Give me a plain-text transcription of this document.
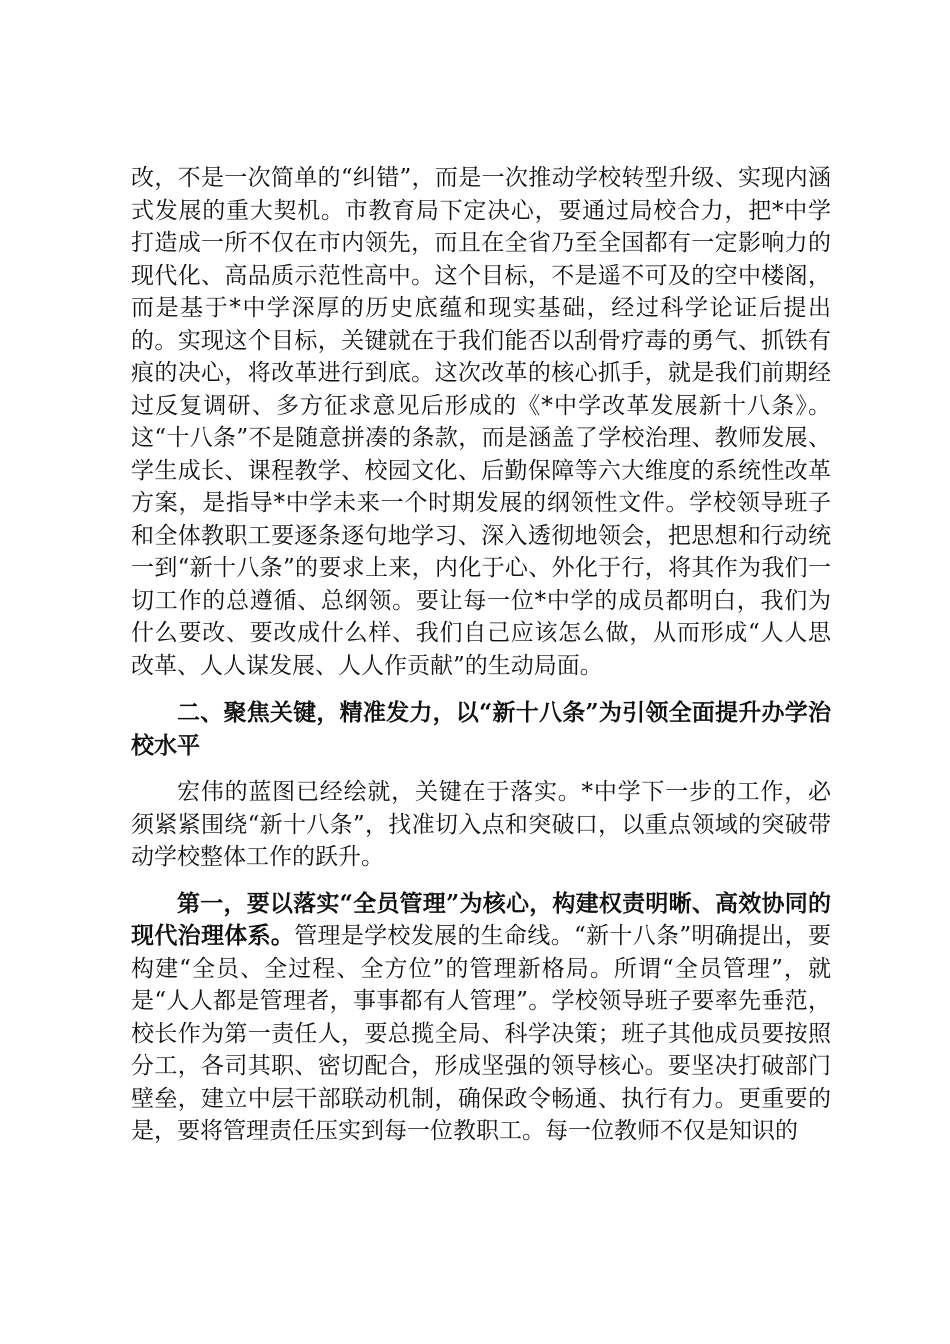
改，不是一次简单的“纠错”，而是一次推动学校转型升级、实现内涵式发展的重大契机。市教育局下定决心，要通过局校合力，把*中学打造成一所不仅在市内领先，而且在全省乃至全国都有一定影响力的现代化、高品质示范性高中。这个目标，不是遥不可及的空中楼阁，而是基于*中学深厚的历史底蕴和现实基础，经过科学论证后提出的。实现这个目标，关键就在于我们能否以刮骨疗毒的勇气、抓铁有痕的决心，将改革进行到底。这次改革的核心抓手，就是我们前期经过反复调研、多方征求意见后形成的《*中学改革发展新十八条》。这“十八条”不是随意拼凑的条款，而是涵盖了学校治理、教师发展、学生成长、课程教学、校园文化、后勤保障等六大维度的系统性改革方案，是指导*中学未来一个时期发展的纲领性文件。学校领导班子和全体教职工要逐条逐句地学习、深入透彻地领会，把思想和行动统一到“新十八条”的要求上来，内化于心、外化于行，将其作为我们一切工作的总遵循、总纲领。要让每一位*中学的成员都明白，我们为什么要改、要改成什么样、我们自己应该怎么做，从而形成“人人思改革、人人谋发展、人人作贡献”的生动局面。

二、聚焦关键，精准发力，以“新十八条”为引领全面提升办学治校水平

宏伟的蓝图已经绘就，关键在于落实。*中学下一步的工作，必须紧紧围绕“新十八条”，找准切入点和突破口，以重点领域的突破带动学校整体工作的跃升。

第一，要以落实“全员管理”为核心，构建权责明晰、高效协同的现代治理体系。管理是学校发展的生命线。“新十八条”明确提出，要构建“全员、全过程、全方位”的管理新格局。所谓“全员管理”，就是“人人都是管理者，事事都有人管理”。学校领导班子要率先垂范，校长作为第一责任人，要总揽全局、科学决策；班子其他成员要按照分工，各司其职、密切配合，形成坚强的领导核心。要坚决打破部门壁垒，建立中层干部联动机制，确保政令畅通、执行有力。更重要的是，要将管理责任压实到每一位教职工。每一位教师不仅是知识的
